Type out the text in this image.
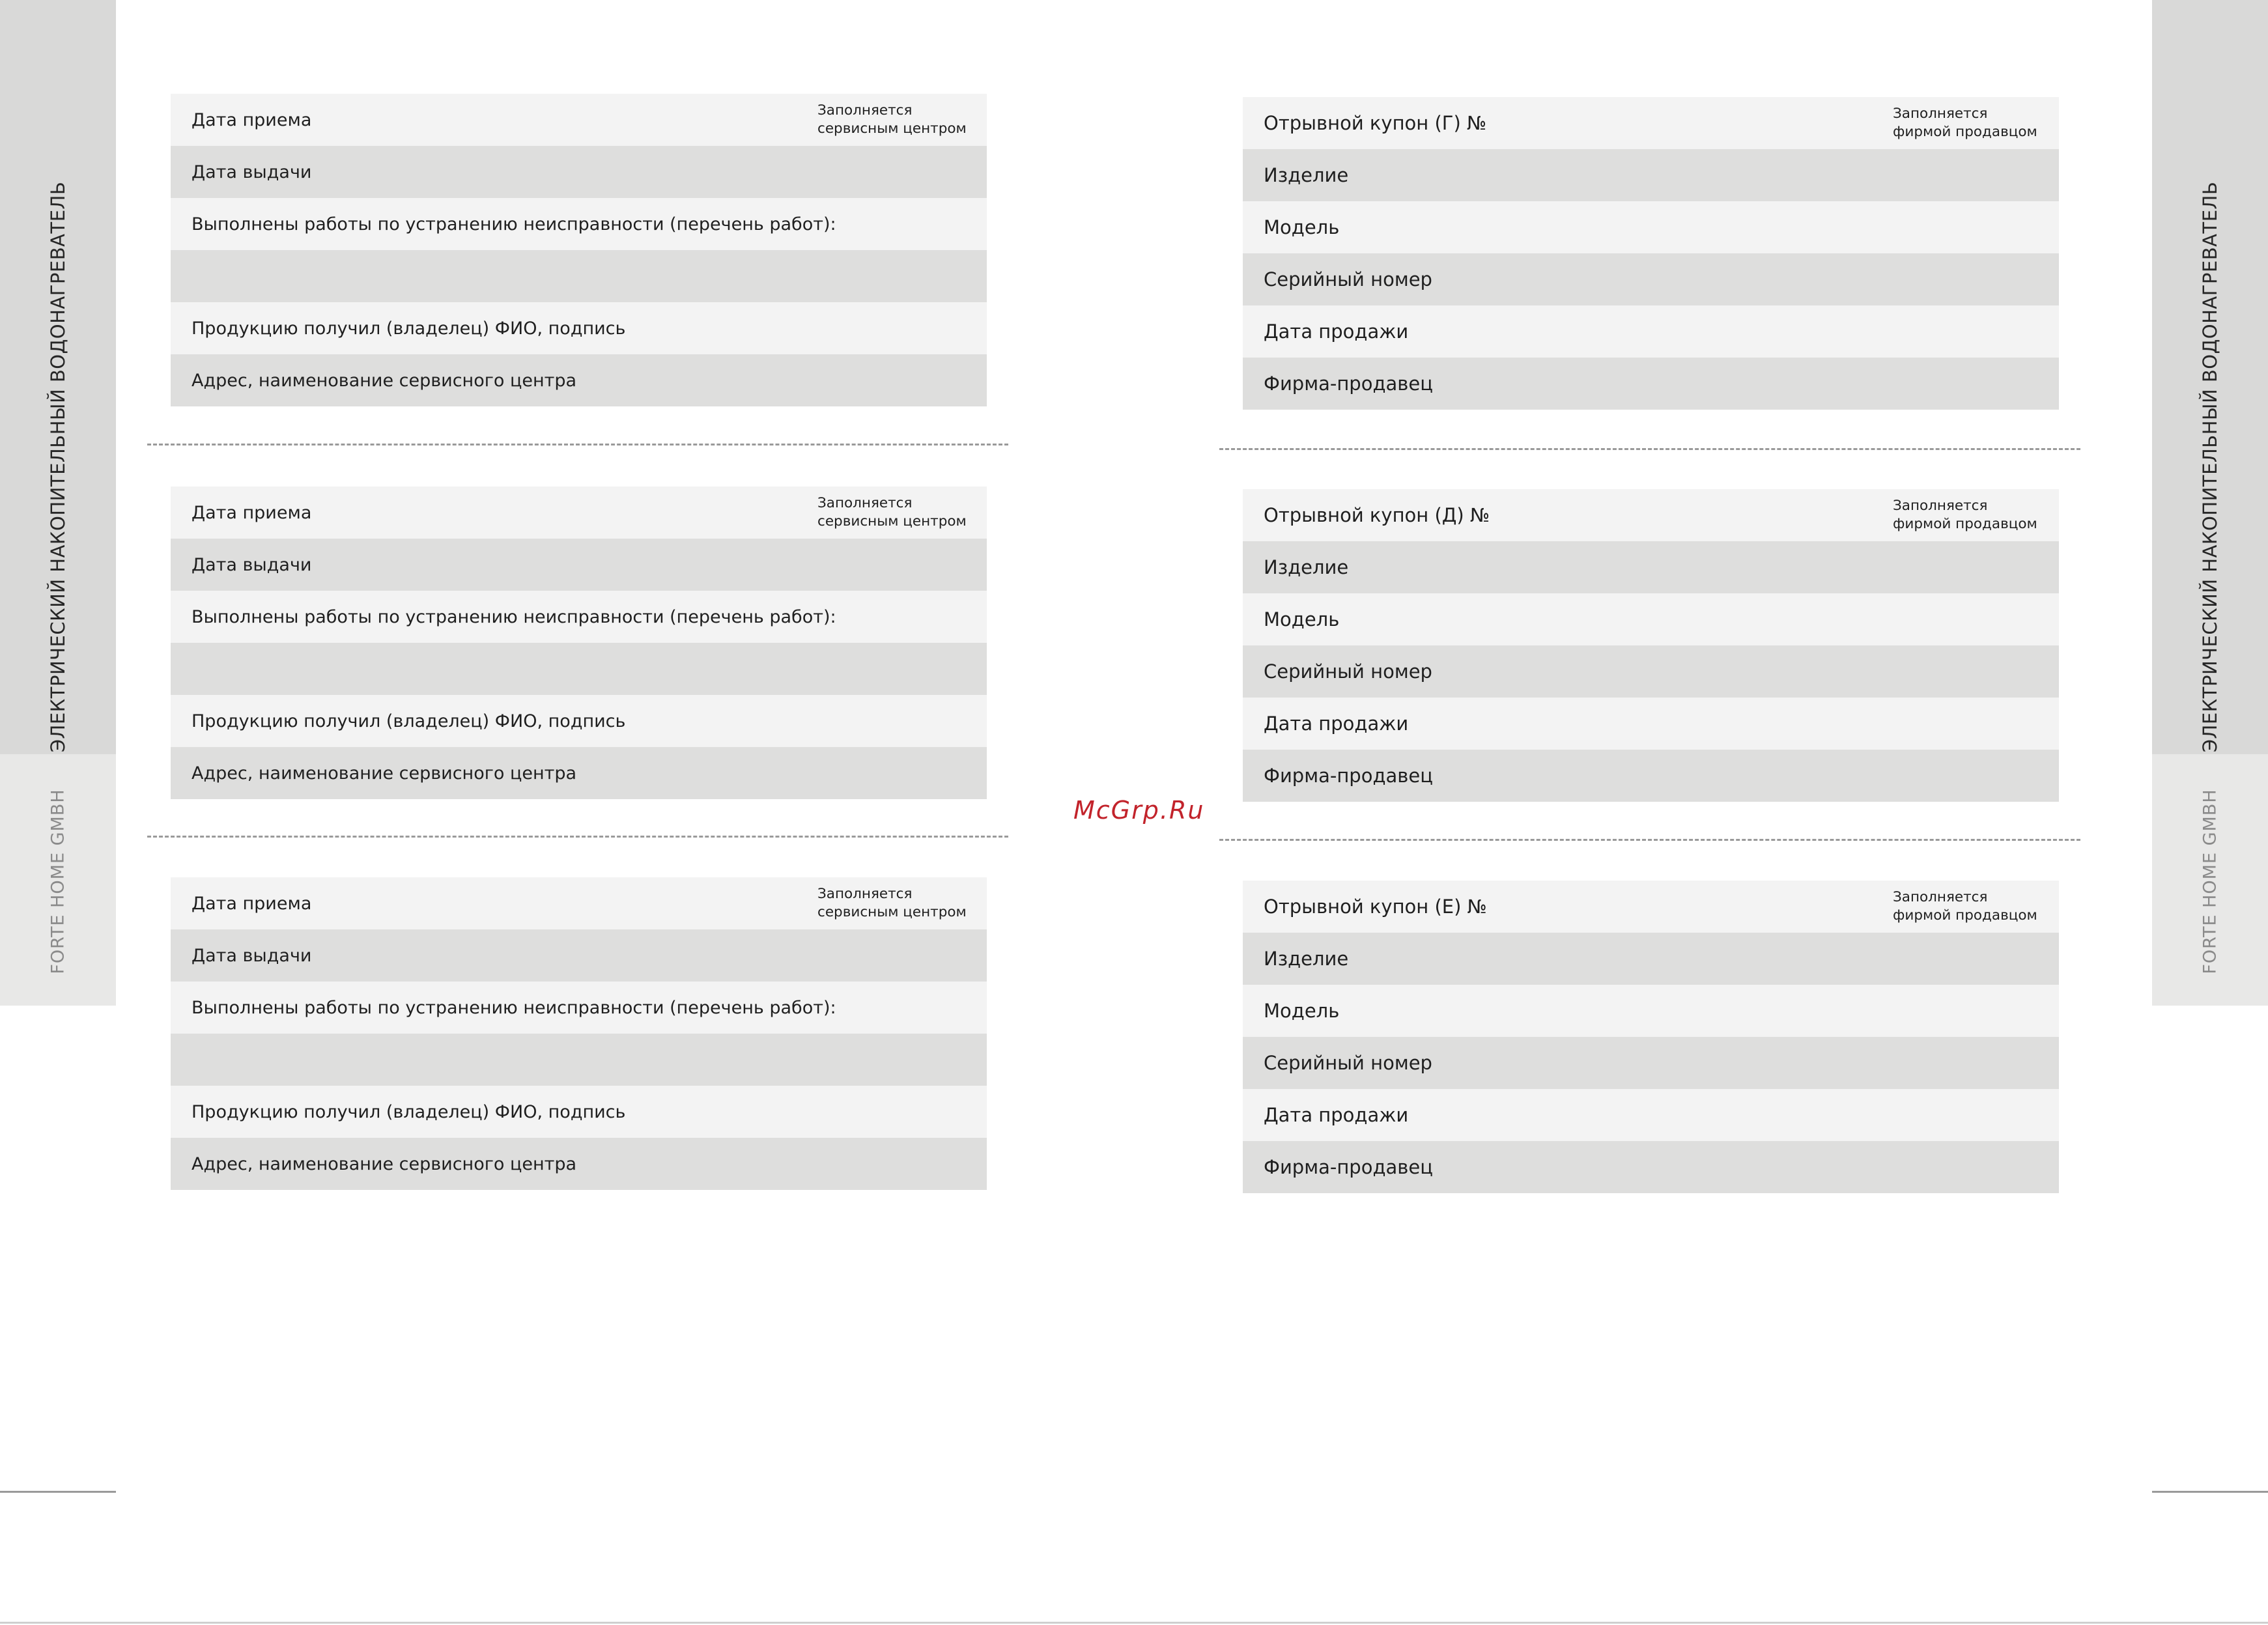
ЭЛЕКТРИЧЕСКИЙ НАКОПИТЕЛЬНЫЙ ВОДОНАГРЕВАТЕЛЬ
FORTE HOME GMBH
ЭЛЕКТРИЧЕСКИЙ НАКОПИТЕЛЬНЫЙ ВОДОНАГРЕВАТЕЛЬ
FORTE HOME GMBH
Дата приема	Заполняется сервисным центром
Дата выдачи
Выполнены работы по устранению неисправности (перечень работ):
Продукцию получил (владелец) ФИО, подпись
Адрес, наименование сервисного центра
Дата приема	Заполняется сервисным центром
Дата выдачи
Выполнены работы по устранению неисправности (перечень работ):
Продукцию получил (владелец) ФИО, подпись
Адрес, наименование сервисного центра
Дата приема	Заполняется сервисным центром
Дата выдачи
Выполнены работы по устранению неисправности (перечень работ):
Продукцию получил (владелец) ФИО, подпись
Адрес, наименование сервисного центра
Отрывной купон (Г) №	Заполняется фирмой продавцом
Изделие
Модель
Серийный номер
Дата продажи
Фирма-продавец
Отрывной купон (Д) №	Заполняется фирмой продавцом
Изделие
Модель
Серийный номер
Дата продажи
Фирма-продавец
Отрывной купон (Е) №	Заполняется фирмой продавцом
Изделие
Модель
Серийный номер
Дата продажи
Фирма-продавец
McGrp.Ru
